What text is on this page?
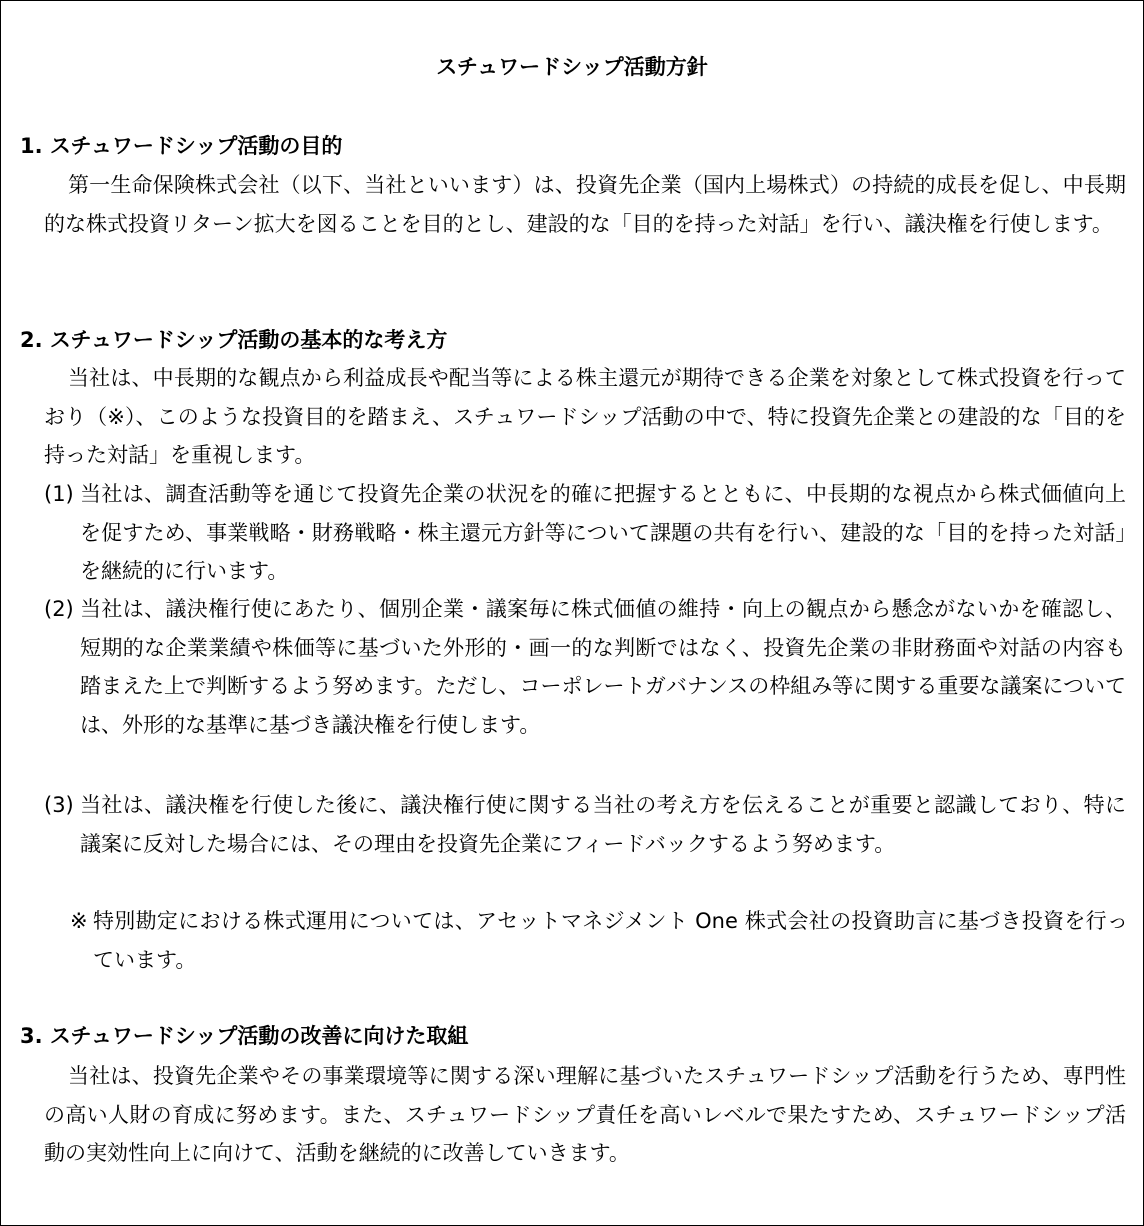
スチュワードシップ活動方針
1. スチュワードシップ活動の目的

第一生命保険株式会社（以下、当社といいます）は、投資先企業（国内上場株式）の持続的成長を促し、中長期的な株式投資リターン拡大を図ることを目的とし、建設的な「目的を持った対話」を行い、議決権を行使します。

2. スチュワードシップ活動の基本的な考え方

当社は、中長期的な観点から利益成長や配当等による株主還元が期待できる企業を対象として株式投資を行っており（※）、このような投資目的を踏まえ、スチュワードシップ活動の中で、特に投資先企業との建設的な「目的を持った対話」を重視します。

(1) 当社は、調査活動等を通じて投資先企業の状況を的確に把握するとともに、中長期的な視点から株式価値向上を促すため、事業戦略・財務戦略・株主還元方針等について課題の共有を行い、建設的な「目的を持った対話」を継続的に行います。

(2) 当社は、議決権行使にあたり、個別企業・議案毎に株式価値の維持・向上の観点から懸念がないかを確認し、短期的な企業業績や株価等に基づいた外形的・画一的な判断ではなく、投資先企業の非財務面や対話の内容も踏まえた上で判断するよう努めます。ただし、コーポレートガバナンスの枠組み等に関する重要な議案については、外形的な基準に基づき議決権を行使します。

(3) 当社は、議決権を行使した後に、議決権行使に関する当社の考え方を伝えることが重要と認識しており、特に議案に反対した場合には、その理由を投資先企業にフィードバックするよう努めます。

※ 特別勘定における株式運用については、アセットマネジメント One 株式会社の投資助言に基づき投資を行っています。

3. スチュワードシップ活動の改善に向けた取組

当社は、投資先企業やその事業環境等に関する深い理解に基づいたスチュワードシップ活動を行うため、専門性の高い人財の育成に努めます。また、スチュワードシップ責任を高いレベルで果たすため、スチュワードシップ活動の実効性向上に向けて、活動を継続的に改善していきます。
